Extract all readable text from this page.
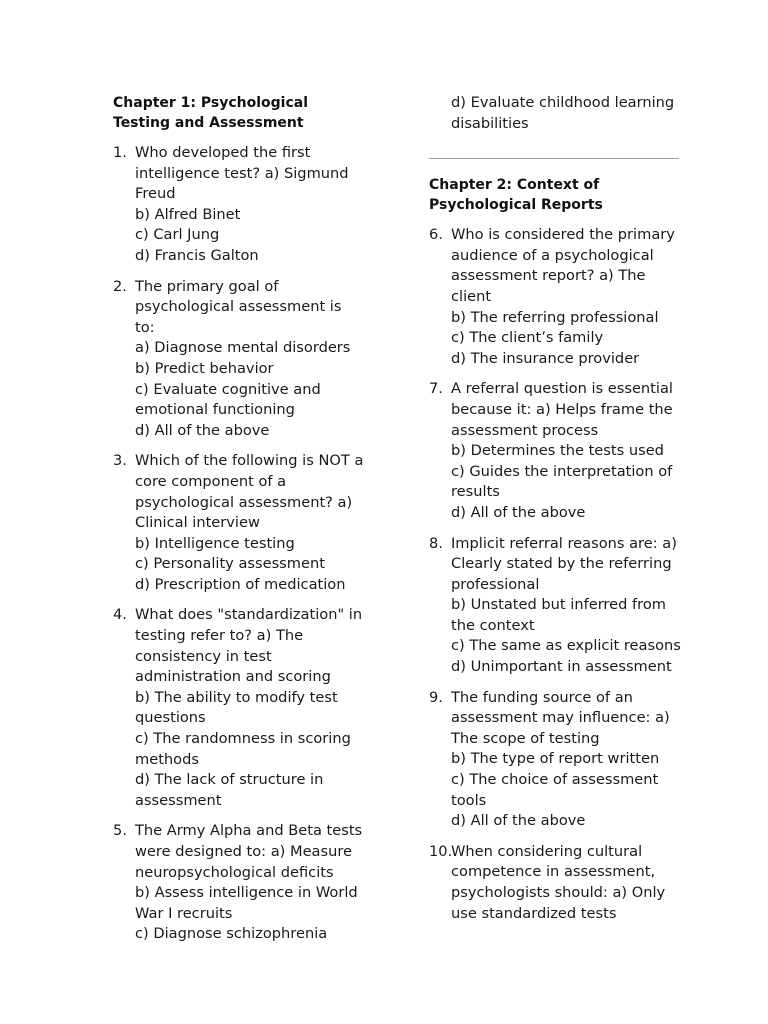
Chapter 1: Psychological Testing and Assessment
1. Who developed the first intelligence test? a) Sigmund Freud
b) Alfred Binet
c) Carl Jung
d) Francis Galton
2. The primary goal of psychological assessment is to:
a) Diagnose mental disorders
b) Predict behavior
c) Evaluate cognitive and emotional functioning
d) All of the above
3. Which of the following is NOT a core component of a psychological assessment? a) Clinical interview
b) Intelligence testing
c) Personality assessment
d) Prescription of medication
4. What does "standardization" in testing refer to? a) The consistency in test administration and scoring
b) The ability to modify test questions
c) The randomness in scoring methods
d) The lack of structure in assessment
5. The Army Alpha and Beta tests were designed to: a) Measure neuropsychological deficits
b) Assess intelligence in World War I recruits
c) Diagnose schizophrenia
d) Evaluate childhood learning disabilities
Chapter 2: Context of Psychological Reports
6. Who is considered the primary audience of a psychological assessment report? a) The client
b) The referring professional
c) The client’s family
d) The insurance provider
7. A referral question is essential because it: a) Helps frame the assessment process
b) Determines the tests used
c) Guides the interpretation of results
d) All of the above
8. Implicit referral reasons are: a) Clearly stated by the referring professional
b) Unstated but inferred from the context
c) The same as explicit reasons
d) Unimportant in assessment
9. The funding source of an assessment may influence: a) The scope of testing
b) The type of report written
c) The choice of assessment tools
d) All of the above
10.
When considering cultural competence in assessment, psychologists should: a) Only use standardized tests
